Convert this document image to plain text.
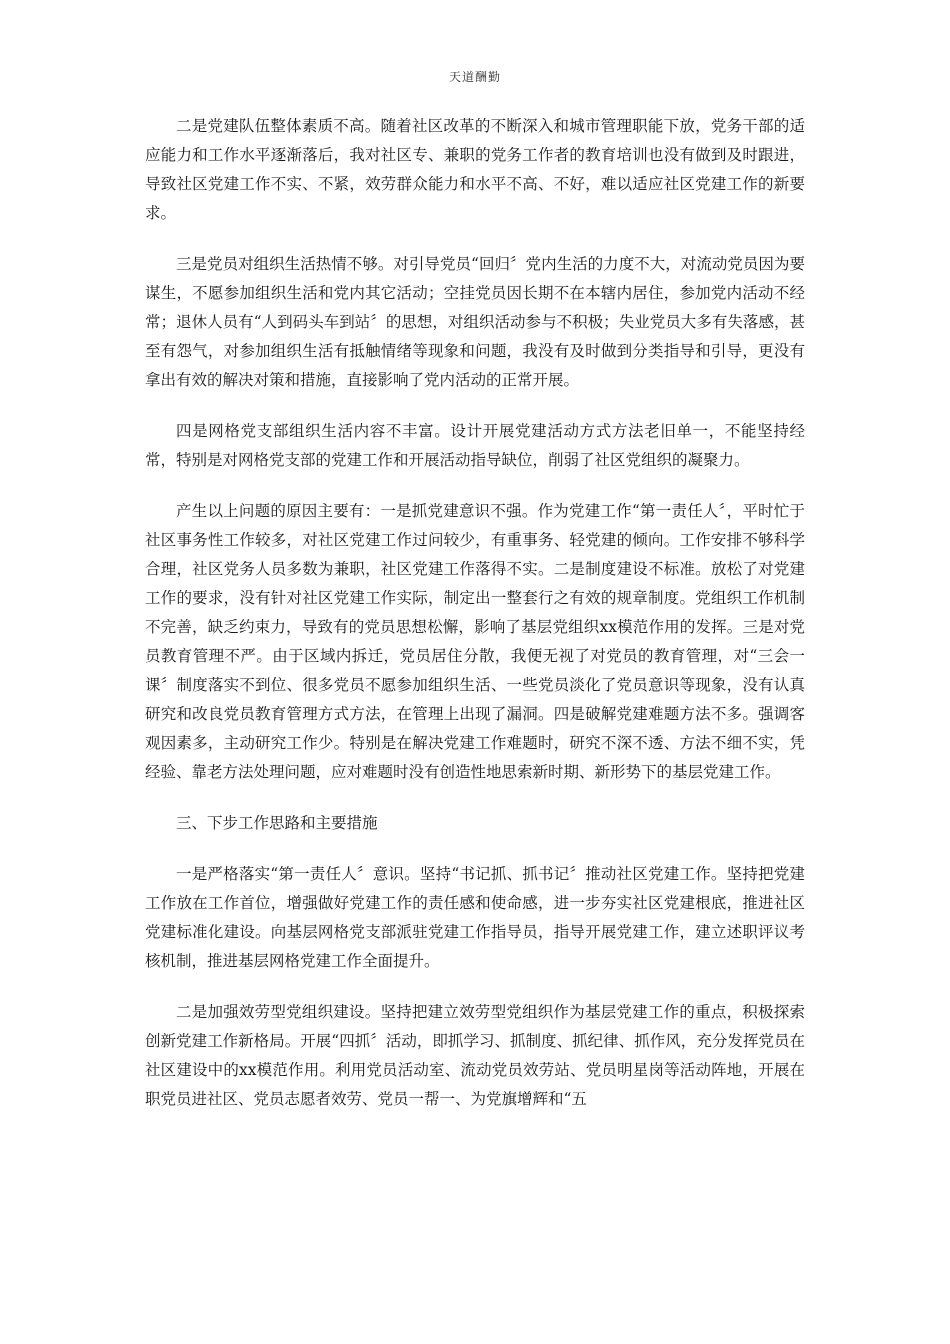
天道酬勤

二是党建队伍整体素质不高。随着社区改革的不断深入和城市管理职能下放，党务干部的适应能力和工作水平逐渐落后，我对社区专、兼职的党务工作者的教育培训也没有做到及时跟进，导致社区党建工作不实、不紧，效劳群众能力和水平不高、不好，难以适应社区党建工作的新要求。

三是党员对组织生活热情不够。对引导党员“回归〞党内生活的力度不大，对流动党员因为要谋生，不愿参加组织生活和党内其它活动；空挂党员因长期不在本辖内居住，参加党内活动不经常；退休人员有“人到码头车到站〞的思想，对组织活动参与不积极；失业党员大多有失落感，甚至有怨气，对参加组织生活有抵触情绪等现象和问题，我没有及时做到分类指导和引导，更没有拿出有效的解决对策和措施，直接影响了党内活动的正常开展。

四是网格党支部组织生活内容不丰富。设计开展党建活动方式方法老旧单一，不能坚持经常，特别是对网格党支部的党建工作和开展活动指导缺位，削弱了社区党组织的凝聚力。

产生以上问题的原因主要有：一是抓党建意识不强。作为党建工作“第一责任人〞，平时忙于社区事务性工作较多，对社区党建工作过问较少，有重事务、轻党建的倾向。工作安排不够科学合理，社区党务人员多数为兼职，社区党建工作落得不实。二是制度建设不标准。放松了对党建工作的要求，没有针对社区党建工作实际，制定出一整套行之有效的规章制度。党组织工作机制不完善，缺乏约束力，导致有的党员思想松懈，影响了基层党组织xx模范作用的发挥。三是对党员教育管理不严。由于区域内拆迁，党员居住分散，我便无视了对党员的教育管理，对“三会一课〞制度落实不到位、很多党员不愿参加组织生活、一些党员淡化了党员意识等现象，没有认真研究和改良党员教育管理方式方法，在管理上出现了漏洞。四是破解党建难题方法不多。强调客观因素多，主动研究工作少。特别是在解决党建工作难题时，研究不深不透、方法不细不实，凭经验、靠老方法处理问题，应对难题时没有创造性地思索新时期、新形势下的基层党建工作。

三、下步工作思路和主要措施

一是严格落实“第一责任人〞意识。坚持“书记抓、抓书记〞推动社区党建工作。坚持把党建工作放在工作首位，增强做好党建工作的责任感和使命感，进一步夯实社区党建根底，推进社区党建标准化建设。向基层网格党支部派驻党建工作指导员，指导开展党建工作，建立述职评议考核机制，推进基层网格党建工作全面提升。

二是加强效劳型党组织建设。坚持把建立效劳型党组织作为基层党建工作的重点，积极探索创新党建工作新格局。开展“四抓〞活动，即抓学习、抓制度、抓纪律、抓作风，充分发挥党员在社区建设中的xx模范作用。利用党员活动室、流动党员效劳站、党员明星岗等活动阵地，开展在职党员进社区、党员志愿者效劳、党员一帮一、为党旗增辉和“五
